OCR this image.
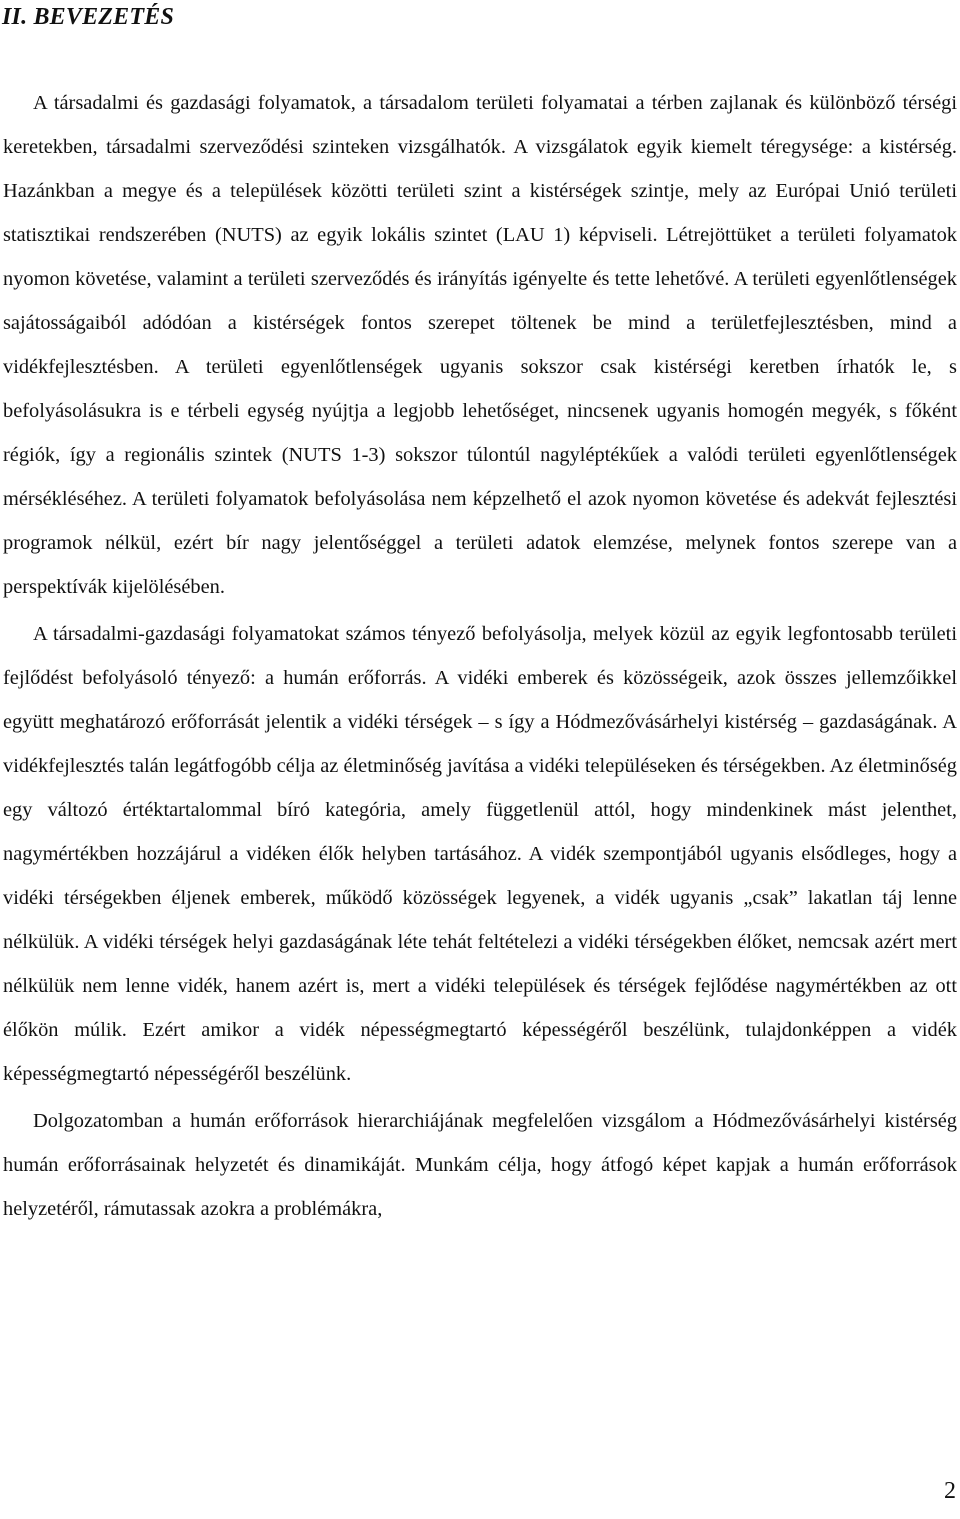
II. BEVEZETÉS

A társadalmi és gazdasági folyamatok, a társadalom területi folyamatai a térben zajlanak és különböző térségi keretekben, társadalmi szerveződési szinteken vizsgálhatók. A vizsgálatok egyik kiemelt téregysége: a kistérség. Hazánkban a megye és a települések közötti területi szint a kistérségek szintje, mely az Európai Unió területi statisztikai rendszerében (NUTS) az egyik lokális szintet (LAU 1) képviseli. Létrejöttüket a területi folyamatok nyomon követése, valamint a területi szerveződés és irányítás igényelte és tette lehetővé. A területi egyenlőtlenségek sajátosságaiból adódóan a kistérségek fontos szerepet töltenek be mind a területfejlesztésben, mind a vidékfejlesztésben. A területi egyenlőtlenségek ugyanis sokszor csak kistérségi keretben írhatók le, s befolyásolásukra is e térbeli egység nyújtja a legjobb lehetőséget, nincsenek ugyanis homogén megyék, s főként régiók, így a regionális szintek (NUTS 1-3) sokszor túlontúl nagyléptékűek a valódi területi egyenlőtlenségek mérsékléséhez. A területi folyamatok befolyásolása nem képzelhető el azok nyomon követése és adekvát fejlesztési programok nélkül, ezért bír nagy jelentőséggel a területi adatok elemzése, melynek fontos szerepe van a perspektívák kijelölésében.

A társadalmi-gazdasági folyamatokat számos tényező befolyásolja, melyek közül az egyik legfontosabb területi fejlődést befolyásoló tényező: a humán erőforrás. A vidéki emberek és közösségeik, azok összes jellemzőikkel együtt meghatározó erőforrását jelentik a vidéki térségek – s így a Hódmezővásárhelyi kistérség – gazdaságának. A vidékfejlesztés talán legátfogóbb célja az életminőség javítása a vidéki településeken és térségekben. Az életminőség egy változó értéktartalommal bíró kategória, amely függetlenül attól, hogy mindenkinek mást jelenthet, nagymértékben hozzájárul a vidéken élők helyben tartásához. A vidék szempontjából ugyanis elsődleges, hogy a vidéki térségekben éljenek emberek, működő közösségek legyenek, a vidék ugyanis „csak” lakatlan táj lenne nélkülük. A vidéki térségek helyi gazdaságának léte tehát feltételezi a vidéki térségekben élőket, nemcsak azért mert nélkülük nem lenne vidék, hanem azért is, mert a vidéki települések és térségek fejlődése nagymértékben az ott élőkön múlik. Ezért amikor a vidék népességmegtartó képességéről beszélünk, tulajdonképpen a vidék képességmegtartó népességéről beszélünk.

Dolgozatomban a humán erőforrások hierarchiájának megfelelően vizsgálom a Hódmezővásárhelyi kistérség humán erőforrásainak helyzetét és dinamikáját. Munkám célja, hogy átfogó képet kapjak a humán erőforrások helyzetéről, rámutassak azokra a problémákra,

2
